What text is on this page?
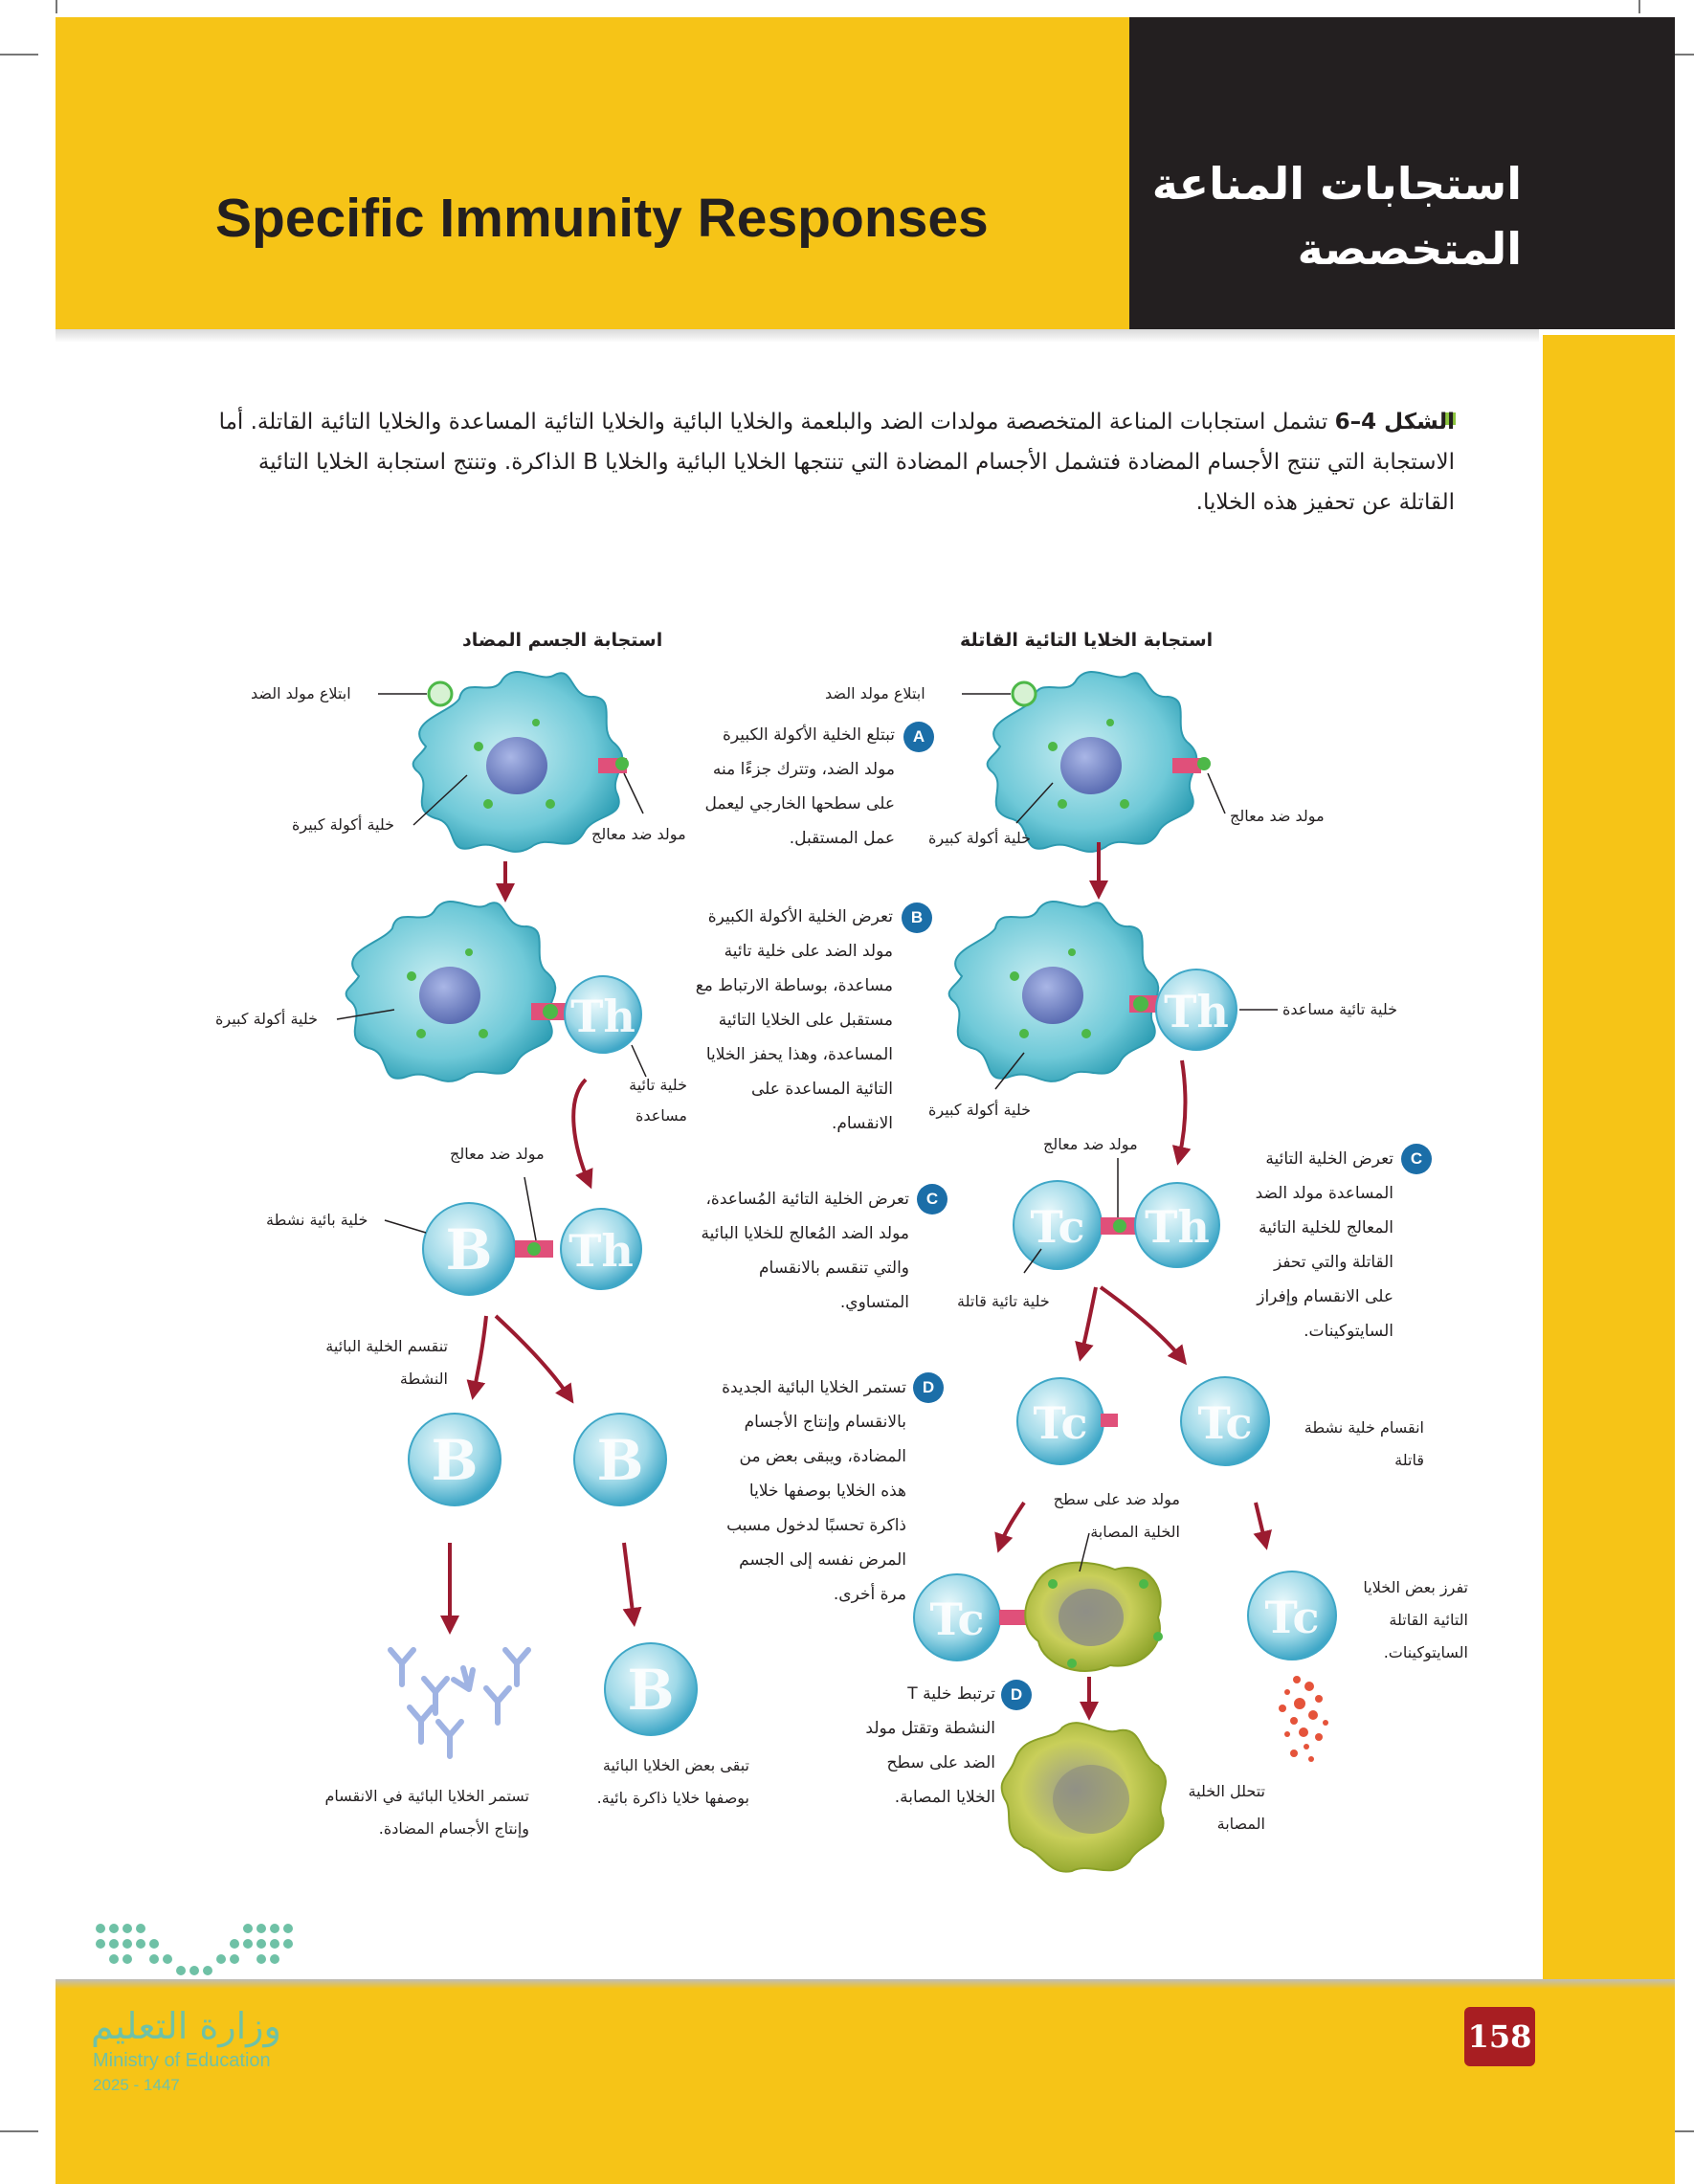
Specific Immunity Responses
استجابات المناعة المتخصصة
الشكل 4–6 تشمل استجابات المناعة المتخصصة مولدات الضد والبلعمة والخلايا البائية والخلايا التائية المساعدة والخلايا التائية القاتلة. أما الاستجابة التي تنتج الأجسام المضادة فتشمل الأجسام المضادة التي تنتجها الخلايا البائية والخلايا B الذاكرة. وتنتج استجابة الخلايا التائية القاتلة عن تحفيز هذه الخلايا.
Th
B Th
B B
B
Th
Tc Th
Tc	Tc
Tc	Tc
استجابة الجسم المضاد	استجابة الخلايا التائية القاتلة
ابتلاع مولد الضد
خلية أكولة كبيرة
مولد ضد معالج
خلية أكولة كبيرة
خلية تائية مساعدة
مولد ضد معالج
خلية بائية نشطة
تنقسم الخلية البائية النشطة
تستمر الخلايا البائية في الانقسام وإنتاج الأجسام المضادة.
تبقى بعض الخلايا البائية بوصفها خلايا ذاكرة بائية.
ابتلاع مولد الضد
خلية أكولة كبيرة
مولد ضد معالج
خلية تائية مساعدة
خلية أكولة كبيرة
مولد ضد معالج
خلية تائية قاتلة
انقسام خلية نشطة قاتلة
مولد ضد على سطح الخلية المصابة
تفرز بعض الخلايا التائية القاتلة السايتوكينات.
تتحلل الخلية المصابة
A
تبتلع الخلية الأكولة الكبيرة مولد الضد، وتترك جزءًا منه على سطحها الخارجي ليعمل عمل المستقبل.
B
تعرض الخلية الأكولة الكبيرة مولد الضد على خلية تائية مساعدة، بوساطة الارتباط مع مستقبل على الخلايا التائية المساعدة، وهذا يحفز الخلايا التائية المساعدة على الانقسام.
C
تعرض الخلية التائية المُساعدة، مولد الضد المُعالج للخلايا البائية والتي تنقسم بالانقسام المتساوي.
C
تعرض الخلية التائية المساعدة مولد الضد المعالج للخلية التائية القاتلة والتي تحفز على الانقسام وإفراز السايتوكينات.
D
تستمر الخلايا البائية الجديدة بالانقسام وإنتاج الأجسام المضادة، ويبقى بعض من هذه الخلايا بوصفها خلايا ذاكرة تحسبًا لدخول مسبب المرض نفسه إلى الجسم مرة أخرى.
D
ترتبط خلية T النشطة وتقتل مولد الضد على سطح الخلايا المصابة.
وزارة التعليم
Ministry of Education
2025 - 1447
158
